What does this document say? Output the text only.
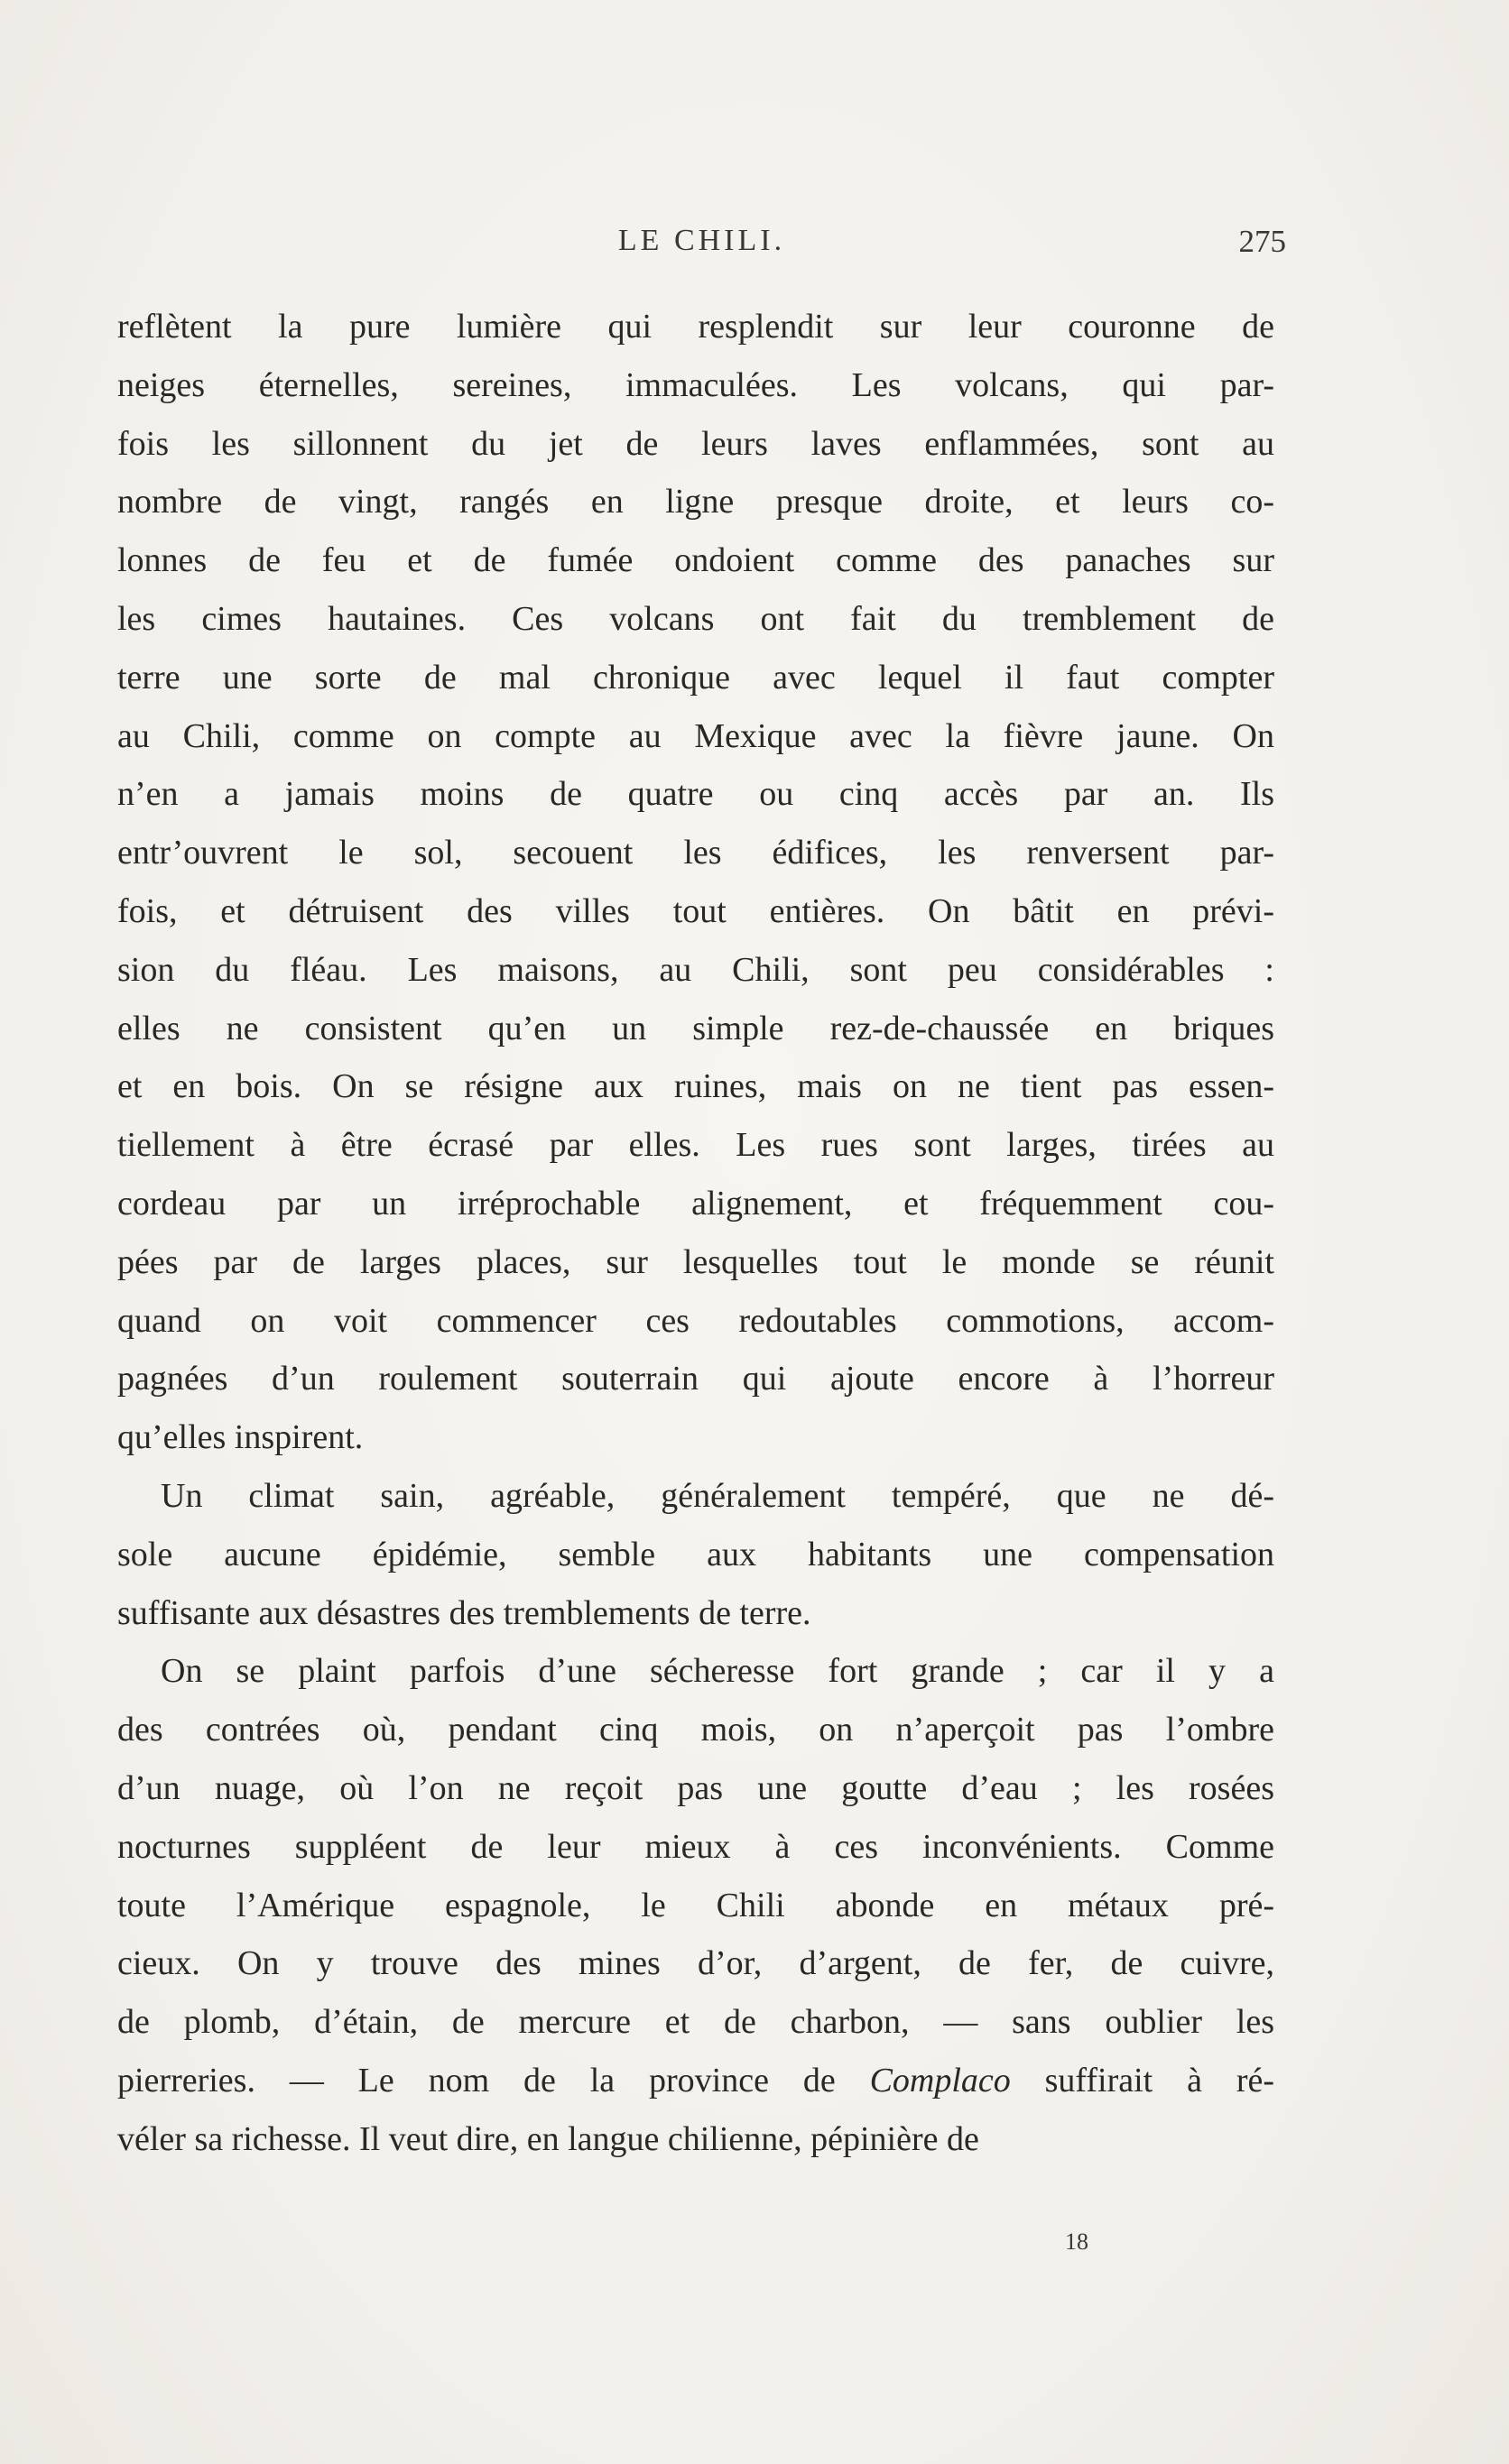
LE CHILI.	275
reflètent la pure lumière qui resplendit sur leur couronne de
neiges éternelles, sereines, immaculées. Les volcans, qui par-
fois les sillonnent du jet de leurs laves enflammées, sont au
nombre de vingt, rangés en ligne presque droite, et leurs co-
lonnes de feu et de fumée ondoient comme des panaches sur
les cimes hautaines. Ces volcans ont fait du tremblement de
terre une sorte de mal chronique avec lequel il faut compter
au Chili, comme on compte au Mexique avec la fièvre jaune. On
n’en a jamais moins de quatre ou cinq accès par an. Ils
entr’ouvrent le sol, secouent les édifices, les renversent par-
fois, et détruisent des villes tout entières. On bâtit en prévi-
sion du fléau. Les maisons, au Chili, sont peu considérables :
elles ne consistent qu’en un simple rez-de-chaussée en briques
et en bois. On se résigne aux ruines, mais on ne tient pas essen-
tiellement à être écrasé par elles. Les rues sont larges, tirées au
cordeau par un irréprochable alignement, et fréquemment cou-
pées par de larges places, sur lesquelles tout le monde se réunit
quand on voit commencer ces redoutables commotions, accom-
pagnées d’un roulement souterrain qui ajoute encore à l’horreur
qu’elles inspirent.
Un climat sain, agréable, généralement tempéré, que ne dé-
sole aucune épidémie, semble aux habitants une compensation
suffisante aux désastres des tremblements de terre.
On se plaint parfois d’une sécheresse fort grande ; car il y a
des contrées où, pendant cinq mois, on n’aperçoit pas l’ombre
d’un nuage, où l’on ne reçoit pas une goutte d’eau ; les rosées
nocturnes suppléent de leur mieux à ces inconvénients. Comme
toute l’Amérique espagnole, le Chili abonde en métaux pré-
cieux. On y trouve des mines d’or, d’argent, de fer, de cuivre,
de plomb, d’étain, de mercure et de charbon, — sans oublier les
pierreries. — Le nom de la province de Complaco suffirait à ré-
véler sa richesse. Il veut dire, en langue chilienne, pépinière de
18
